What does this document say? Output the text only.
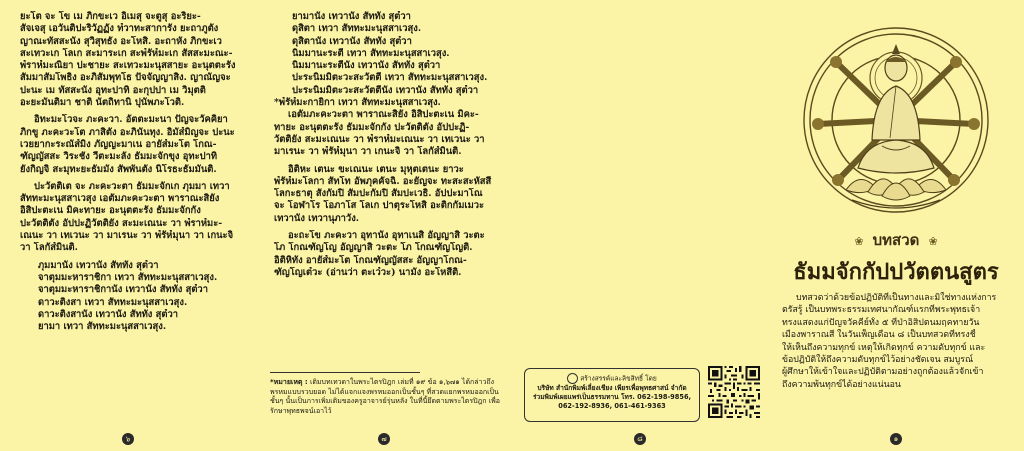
ยะโต จะ โข เม ภิกขะเว อิเมสุ จะตูสุ อะริยะ-
สัจเจสุ เอวันติปะริวัฏฏัง ท๎วาทะสาการัง ยะถาภูตัง
ญาณะทัสสะนัง สุวิสุทธัง อะโหสิ. อะถาหัง ภิกขะเว
สะเทวะเก โลเก สะมาระเก สะพ๎รัห๎มะเก สัสสะมะณะ-
พ๎ราห๎มะณิยา ปะชายะ สะเทวะมะนุสสายะ อะนุตตะรัง
สัมมาสัมโพธิง อะภิสัมพุทโธ ปัจจัญญาสิง. ญาณัญจะ
ปะนะ เม ทัสสะนัง อุทะปาทิ อะกุปปา เม วิมุตติ
อะยะมันติมา ชาติ นัตถิทานิ ปุนัพภะโวติ.
อิทะมะโวจะ ภะคะวา. อัตตะมะนา ปัญจะวัคคิยา
ภิกขู ภะคะวะโต ภาสิตัง อะภินันทุง. อิมัส๎มิญจะ ปะนะ
เวยยากะระณัส๎มิง ภัญญะมาเน อายัส๎มะโต โกณ-
ฑัญญัสสะ วิระชัง วีตะมะลัง ธัมมะจักขุง อุทะปาทิ
ยังกิญจิ สะมุทะยะธัมมัง สัพพันตัง นิโรธะธัมมันติ.
ปะวัตติเต จะ ภะคะวะตา ธัมมะจักเก ภุมมา เทวา
สัททะมะนุสสาเวสุง เอตัมภะคะวะตา พาราณะสิยัง
อิสิปะตะเน มิคะทายะ อะนุตตะรัง ธัมมะจักกัง
ปะวัตติตัง อัปปะฏิวัตติยัง สะมะเณนะ วา พ๎ราห๎มะ-
เณนะ วา เทเวนะ วา มาเรนะ วา พ๎รัห๎มุนา วา เกนะจิ
วา โลกัส๎มินติ.
ภุมมานัง เทวานัง สัททัง สุต๎วา
จาตุมมะหาราชิกา เทวา สัททะมะนุสสาเวสุง.
จาตุมมะหาราชิกานัง เทวานัง สัททัง สุต๎วา
ดาวะติงสา เทวา สัททะมะนุสสาเวสุง.
ดาวะติงสานัง เทวานัง สัททัง สุต๎วา
ยามา เทวา สัททะมะนุสสาเวสุง.
๖
ยามานัง เทวานัง สัททัง สุต๎วา
ดุสิตา เทวา สัททะมะนุสสาเวสุง.
ดุสิตานัง เทวานัง สัททัง สุต๎วา
นิมมานะระตี เทวา สัททะมะนุสสาเวสุง.
นิมมานะระตีนัง เทวานัง สัททัง สุต๎วา
ปะระนิมมิตะวะสะวัตตี เทวา สัททะมะนุสสาเวสุง.
ปะระนิมมิตะวะสะวัตตีนัง เทวานัง สัททัง สุต๎วา
*พ๎รัห๎มะกายิกา เทวา สัททะมะนุสสาเวสุง.
เอตัมภะคะวะตา พาราณะสิยัง อิสิปะตะเน มิคะ-
ทายะ อะนุตตะรัง ธัมมะจักกัง ปะวัตติตัง อัปปะฏิ-
วัตติยัง สะมะเณนะ วา พ๎ราห๎มะเณนะ วา เทเวนะ วา
มาเรนะ วา พ๎รัห๎มุนา วา เกนะจิ วา โลกัส๎มินติ.
อิติหะ เตนะ ขะเณนะ เตนะ มุหุตเตนะ ยาวะ
พ๎รัห๎มะโลกา สัทโท อัพภุคคัจฉิ. อะยัญจะ ทะสะสะหัสสี
โลกะธาตุ สังกัมปิ สัมปะกัมปิ สัมปะเวธิ. อัปปะมาโณ
จะ โอฬาโร โอภาโส โลเก ปาตุระโหสิ อะติกกัมเมวะ
เทวานัง เทวานุภาวัง.
อะถะโข ภะคะวา อุทานัง อุทาเนสิ อัญญาสิ วะตะ
โภ โกณฑัญโญ อัญญาสิ วะตะ โภ โกณฑัญโญติ.
อิติหิทัง อายัส๎มะโต โกณฑัญญัสสะ อัญญาโกณ-
ฑัญโญเต๎วะ (อ่านว่า ตะเว๎วะ) นามัง อะโหสีติ.
*หมายเหตุ : เติมบทเทวดาในพระไตรปิฎก เล่มที่ ๑๙ ข้อ ๑,๖๗๑ ได้กล่าวถึงพรหมแบบรวบยอด ไม่ได้แจกแจงพรหมออกเป็นชั้นๆ ที่สวดแยกพรหมออกเป็นชั้นๆ นั้นเป็นการเพิ่มเติมของครูอาจารย์รุ่นหลัง ในที่นี้ยึดตามพระไตรปิฎก เพื่อรักษาพุทธพจน์เอาไว้
๗
สร้างสรรค์และลิขสิทธิ์ โดย
บริษัท สำนักพิมพ์เลี่ยงเชียง เพียรเพื่อพุทธศาสน์ จำกัด
ร่วมพิมพ์เผยแพร่เป็นธรรมทาน โทร. 062-198-9856,
062-192-8936, 061-461-9363
๘
❀ บทสวด ❀
ธัมมจักกัปปวัตตนสูตร
บทสวดว่าด้วยข้อปฏิบัติที่เป็นทางและมิใช่ทางแห่งการ
ตรัสรู้ เป็นบทพระธรรมเทศนากัณฑ์แรกที่พระพุทธเจ้า
ทรงแสดงแก่ปัญจวัคคีย์ทั้ง ๕ ที่ป่าอิสิปตนมฤคทายวัน
เมืองพาราณสี ในวันเพ็ญเดือน ๘ เป็นบทสวดที่ทรงชี้
ให้เห็นถึงความทุกข์ เหตุให้เกิดทุกข์ ความดับทุกข์ และ
ข้อปฏิบัติให้ถึงความดับทุกข์ไว้อย่างชัดเจน สมบูรณ์
ผู้ศึกษาให้เข้าใจและปฏิบัติตามอย่างถูกต้องแล้วจักเข้า
ถึงความพ้นทุกข์ได้อย่างแน่นอน
๑
